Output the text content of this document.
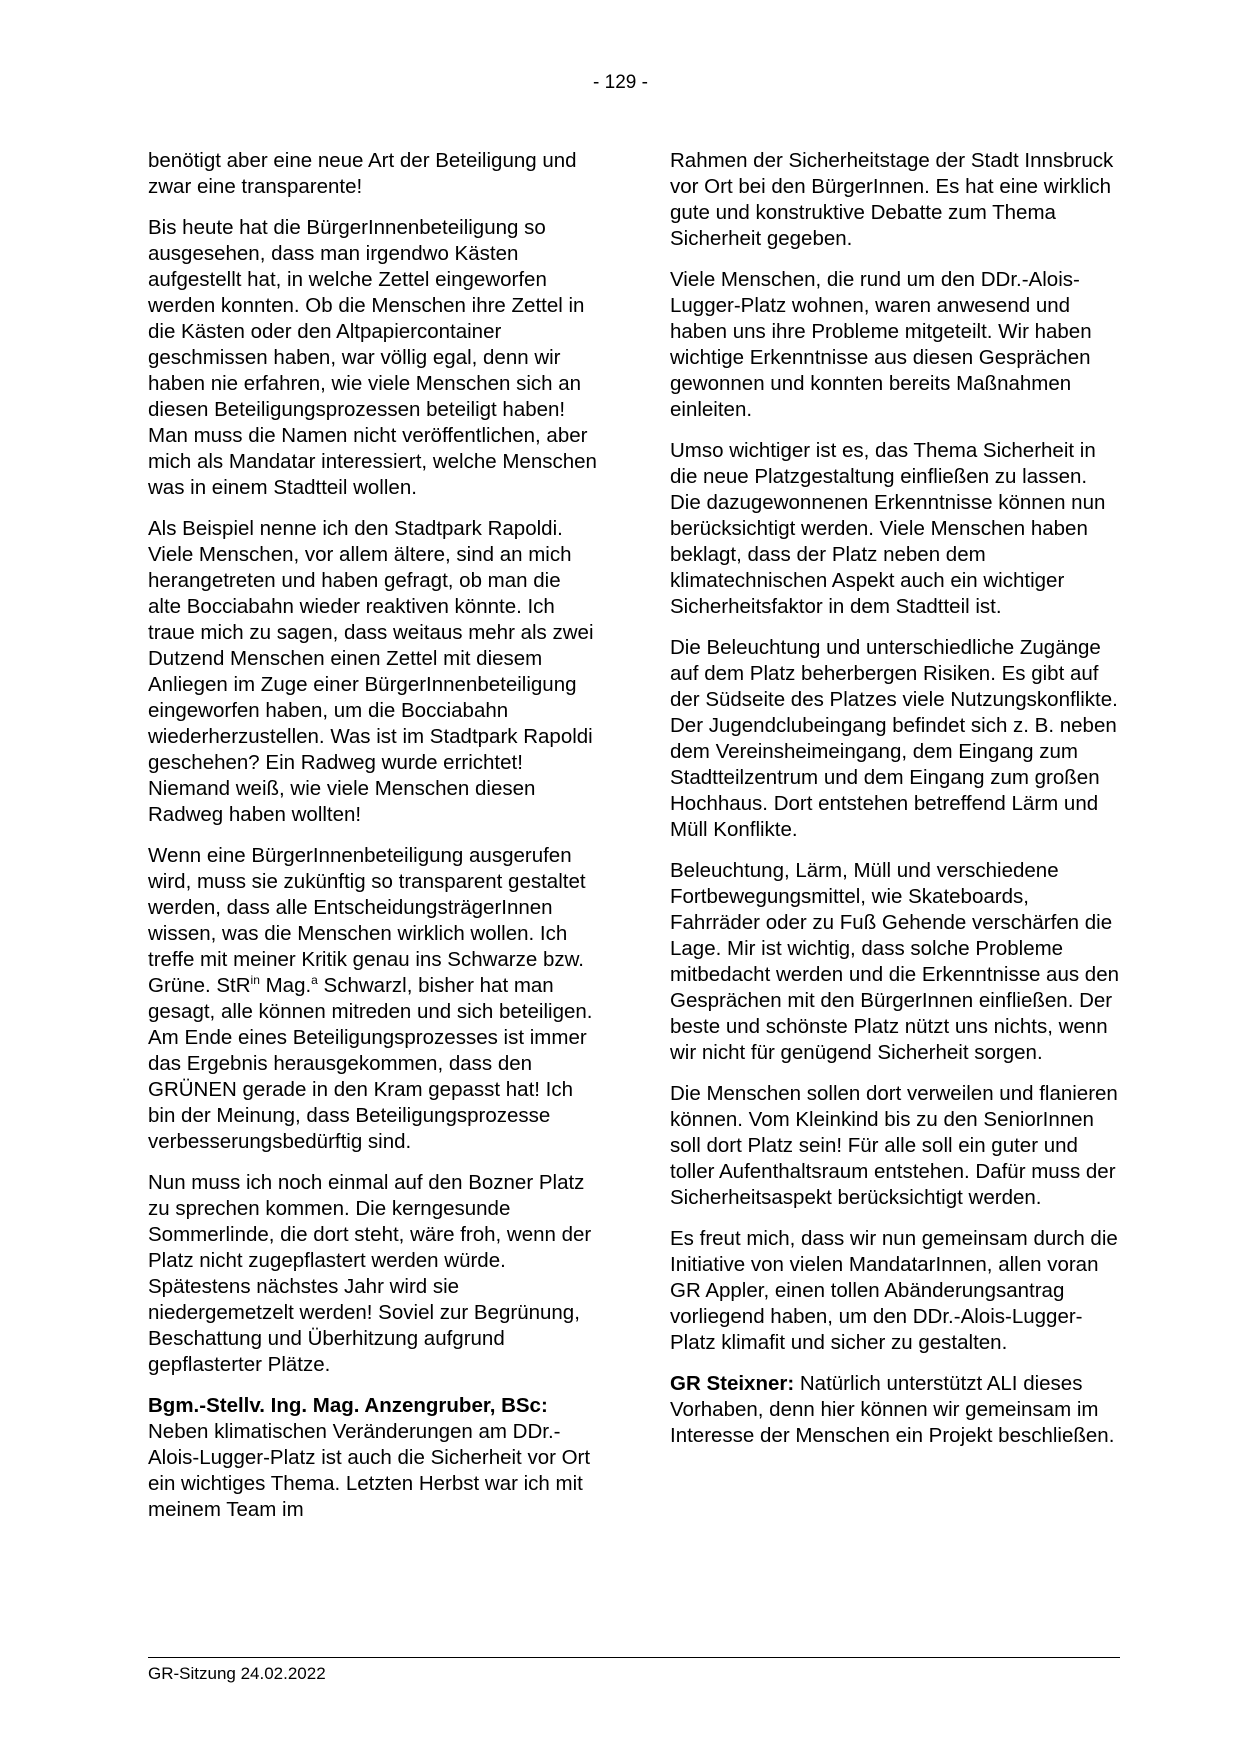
- 129 -

benötigt aber eine neue Art der Beteiligung und zwar eine transparente!

Bis heute hat die BürgerInnenbeteiligung so ausgesehen, dass man irgendwo Kästen aufgestellt hat, in welche Zettel eingeworfen werden konnten. Ob die Menschen ihre Zettel in die Kästen oder den Altpapiercontainer geschmissen haben, war völlig egal, denn wir haben nie erfahren, wie viele Menschen sich an diesen Beteiligungsprozessen beteiligt haben! Man muss die Namen nicht veröffentlichen, aber mich als Mandatar interessiert, welche Menschen was in einem Stadtteil wollen.

Als Beispiel nenne ich den Stadtpark Rapoldi. Viele Menschen, vor allem ältere, sind an mich herangetreten und haben gefragt, ob man die alte Bocciabahn wieder reaktiven könnte. Ich traue mich zu sagen, dass weitaus mehr als zwei Dutzend Menschen einen Zettel mit diesem Anliegen im Zuge einer BürgerInnenbeteiligung eingeworfen haben, um die Bocciabahn wiederherzustellen. Was ist im Stadtpark Rapoldi geschehen? Ein Radweg wurde errichtet! Niemand weiß, wie viele Menschen diesen Radweg haben wollten!

Wenn eine BürgerInnenbeteiligung ausgerufen wird, muss sie zukünftig so transparent gestaltet werden, dass alle EntscheidungsträgerInnen wissen, was die Menschen wirklich wollen. Ich treffe mit meiner Kritik genau ins Schwarze bzw. Grüne. StR$^{in}$ Mag.$^a$ Schwarzl, bisher hat man gesagt, alle können mitreden und sich beteiligen. Am Ende eines Beteiligungsprozesses ist immer das Ergebnis herausgekommen, dass den GRÜNEN gerade in den Kram gepasst hat! Ich bin der Meinung, dass Beteiligungsprozesse verbesserungsbedürftig sind.

Nun muss ich noch einmal auf den Bozner Platz zu sprechen kommen. Die kerngesunde Sommerlinde, die dort steht, wäre froh, wenn der Platz nicht zugepflastert werden würde. Spätestens nächstes Jahr wird sie niedergemetzelt werden! Soviel zur Begrünung, Beschattung und Überhitzung aufgrund gepflasterter Plätze.

Bgm.-Stellv. Ing. Mag. Anzengruber, BSc: Neben klimatischen Veränderungen am DDr.-Alois-Lugger-Platz ist auch die Sicherheit vor Ort ein wichtiges Thema. Letzten Herbst war ich mit meinem Team im

Rahmen der Sicherheitstage der Stadt Innsbruck vor Ort bei den BürgerInnen. Es hat eine wirklich gute und konstruktive Debatte zum Thema Sicherheit gegeben.

Viele Menschen, die rund um den DDr.-Alois-Lugger-Platz wohnen, waren anwesend und haben uns ihre Probleme mitgeteilt. Wir haben wichtige Erkenntnisse aus diesen Gesprächen gewonnen und konnten bereits Maßnahmen einleiten.

Umso wichtiger ist es, das Thema Sicherheit in die neue Platzgestaltung einfließen zu lassen. Die dazugewonnenen Erkenntnisse können nun berücksichtigt werden. Viele Menschen haben beklagt, dass der Platz neben dem klimatechnischen Aspekt auch ein wichtiger Sicherheitsfaktor in dem Stadtteil ist.

Die Beleuchtung und unterschiedliche Zugänge auf dem Platz beherbergen Risiken. Es gibt auf der Südseite des Platzes viele Nutzungskonflikte. Der Jugendclubeingang befindet sich z. B. neben dem Vereinsheimeingang, dem Eingang zum Stadtteilzentrum und dem Eingang zum großen Hochhaus. Dort entstehen betreffend Lärm und Müll Konflikte.

Beleuchtung, Lärm, Müll und verschiedene Fortbewegungsmittel, wie Skateboards, Fahrräder oder zu Fuß Gehende verschärfen die Lage. Mir ist wichtig, dass solche Probleme mitbedacht werden und die Erkenntnisse aus den Gesprächen mit den BürgerInnen einfließen. Der beste und schönste Platz nützt uns nichts, wenn wir nicht für genügend Sicherheit sorgen.

Die Menschen sollen dort verweilen und flanieren können. Vom Kleinkind bis zu den SeniorInnen soll dort Platz sein! Für alle soll ein guter und toller Aufenthaltsraum entstehen. Dafür muss der Sicherheitsaspekt berücksichtigt werden.

Es freut mich, dass wir nun gemeinsam durch die Initiative von vielen MandatarInnen, allen voran GR Appler, einen tollen Abänderungsantrag vorliegend haben, um den DDr.-Alois-Lugger-Platz klimafit und sicher zu gestalten.

GR Steixner: Natürlich unterstützt ALI dieses Vorhaben, denn hier können wir gemeinsam im Interesse der Menschen ein Projekt beschließen.

GR-Sitzung 24.02.2022
